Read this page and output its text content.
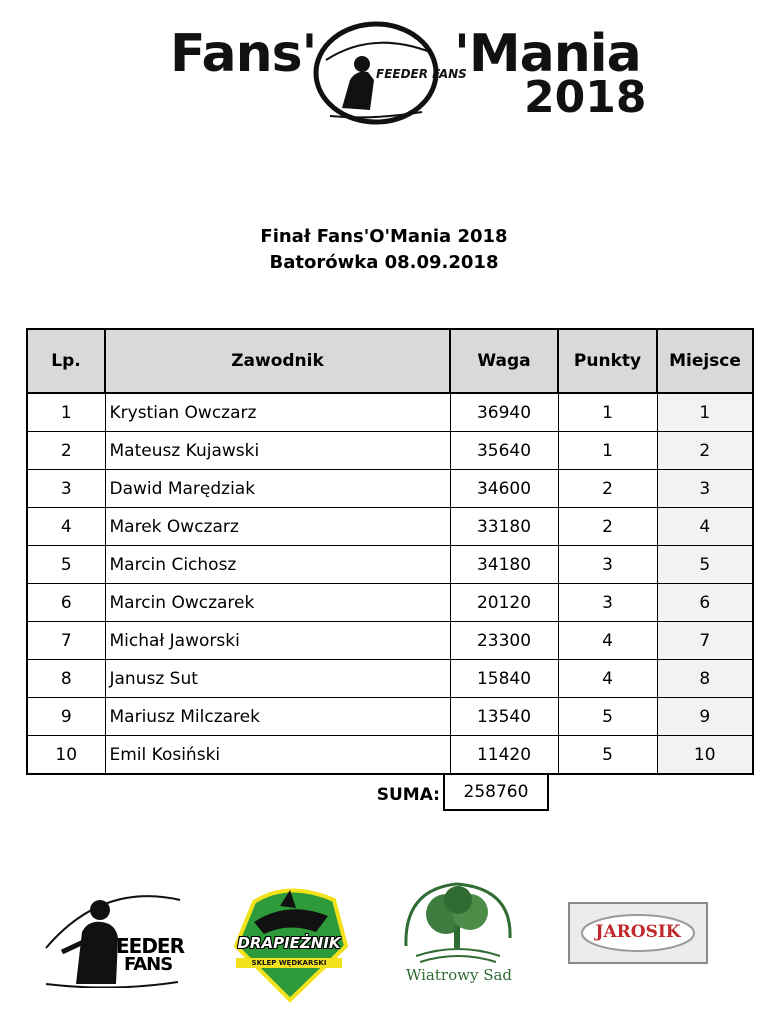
Fans'	FEEDER FANS
'Mania
2018
Finał Fans'O'Mania 2018
Batorówka 08.09.2018
Lp.	Zawodnik	Waga	Punkty	Miejsce
1	Krystian Owczarz	36940	1	1
2	Mateusz Kujawski	35640	1	2
3	Dawid Marędziak	34600	2	3
4	Marek Owczarz	33180	2	4
5	Marcin Cichosz	34180	3	5
6	Marcin Owczarek	20120	3	6
7	Michał Jaworski	23300	4	7
8	Janusz Sut	15840	4	8
9	Mariusz Milczarek	13540	5	9
10	Emil Kosiński	11420	5	10
SUMA:	258760
EEDER
FANS
DRAPIEŻNIK
SKLEP WĘDKARSKI
Wiatrowy Sad
JAROSIK
